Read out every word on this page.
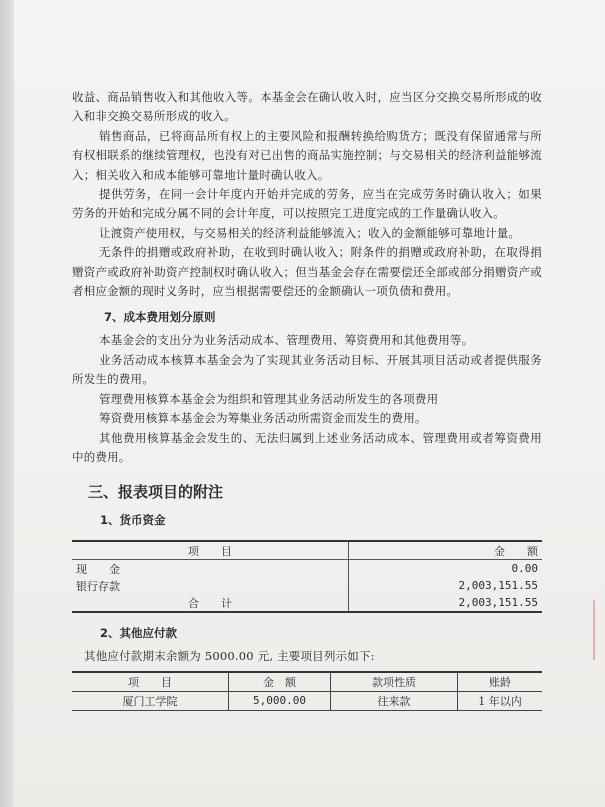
收益、商品销售收入和其他收入等。本基金会在确认收入时，应当区分交换交易所形成的收入和非交换交易所形成的收入。

销售商品，已将商品所有权上的主要风险和报酬转换给购货方；既没有保留通常与所有权相联系的继续管理权，也没有对已出售的商品实施控制；与交易相关的经济利益能够流入；相关收入和成本能够可靠地计量时确认收入。

提供劳务，在同一会计年度内开始并完成的劳务，应当在完成劳务时确认收入；如果劳务的开始和完成分属不同的会计年度，可以按照完工进度完成的工作量确认收入。

让渡资产使用权，与交易相关的经济利益能够流入；收入的金额能够可靠地计量。

无条件的捐赠或政府补助，在收到时确认收入；附条件的捐赠或政府补助，在取得捐赠资产或政府补助资产控制权时确认收入；但当基金会存在需要偿还全部或部分捐赠资产或者相应金额的现时义务时，应当根据需要偿还的金额确认一项负债和费用。

7、成本费用划分原则

本基金会的支出分为业务活动成本、管理费用、筹资费用和其他费用等。

业务活动成本核算本基金会为了实现其业务活动目标、开展其项目活动或者提供服务所发生的费用。

管理费用核算本基金会为组织和管理其业务活动所发生的各项费用

筹资费用核算本基金会为筹集业务活动所需资金而发生的费用。

其他费用核算基金会发生的、无法归属到上述业务活动成本、管理费用或者筹资费用中的费用。

三、报表项目的附注
1、货币资金
项　　目	金　　额
现　　金	0.00
银行存款	2,003,151.55
合　　计	2,003,151.55
2、其他应付款

其他应付款期末余额为 5000.00 元, 主要项目列示如下:

项　　目	金　额	款项性质	账龄
厦门工学院	5,000.00	往来款	1 年以内
